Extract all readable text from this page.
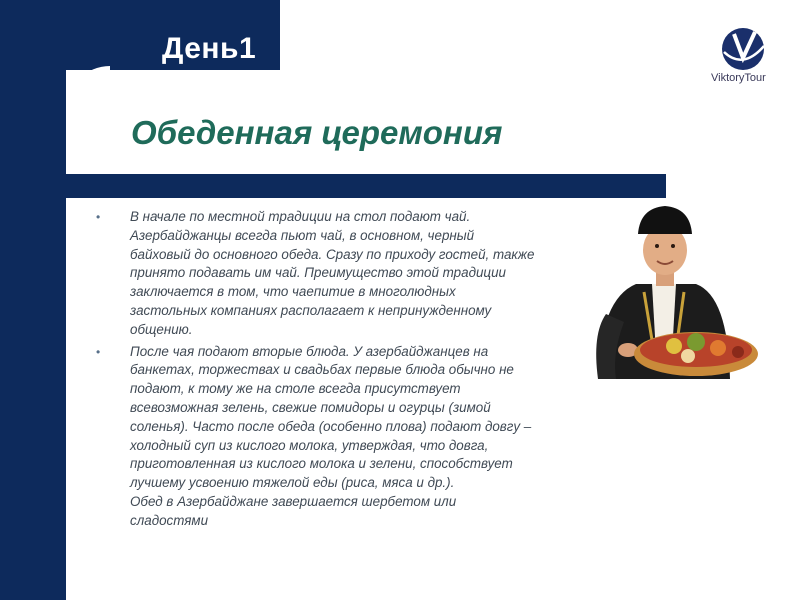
День1
ViktoryTour
Обеденная церемония
• В начале по местной традиции на стол подают чай. Азербайджанцы всегда пьют чай, в основном, черный байховый до основного обеда. Сразу по приходу гостей, также принято подавать им чай. Преимущество этой традиции заключается в том, что чаепитие в многолюдных застольных компаниях располагает к непринужденному общению.
• После чая подают вторые блюда. У азербайджанцев на банкетах, торжествах и свадьбах первые блюда обычно не подают, к тому же на столе всегда присутствует всевозможная зелень, свежие помидоры и огурцы (зимой соленья). Часто после обеда (особенно плова) подают довгу – холодный суп из кислого молока, утверждая, что довга, приготовленная из кислого молока и зелени, способствует лучшему усвоению тяжелой еды (риса, мяса и др.).
Обед в Азербайджане завершается шербетом или сладостями
